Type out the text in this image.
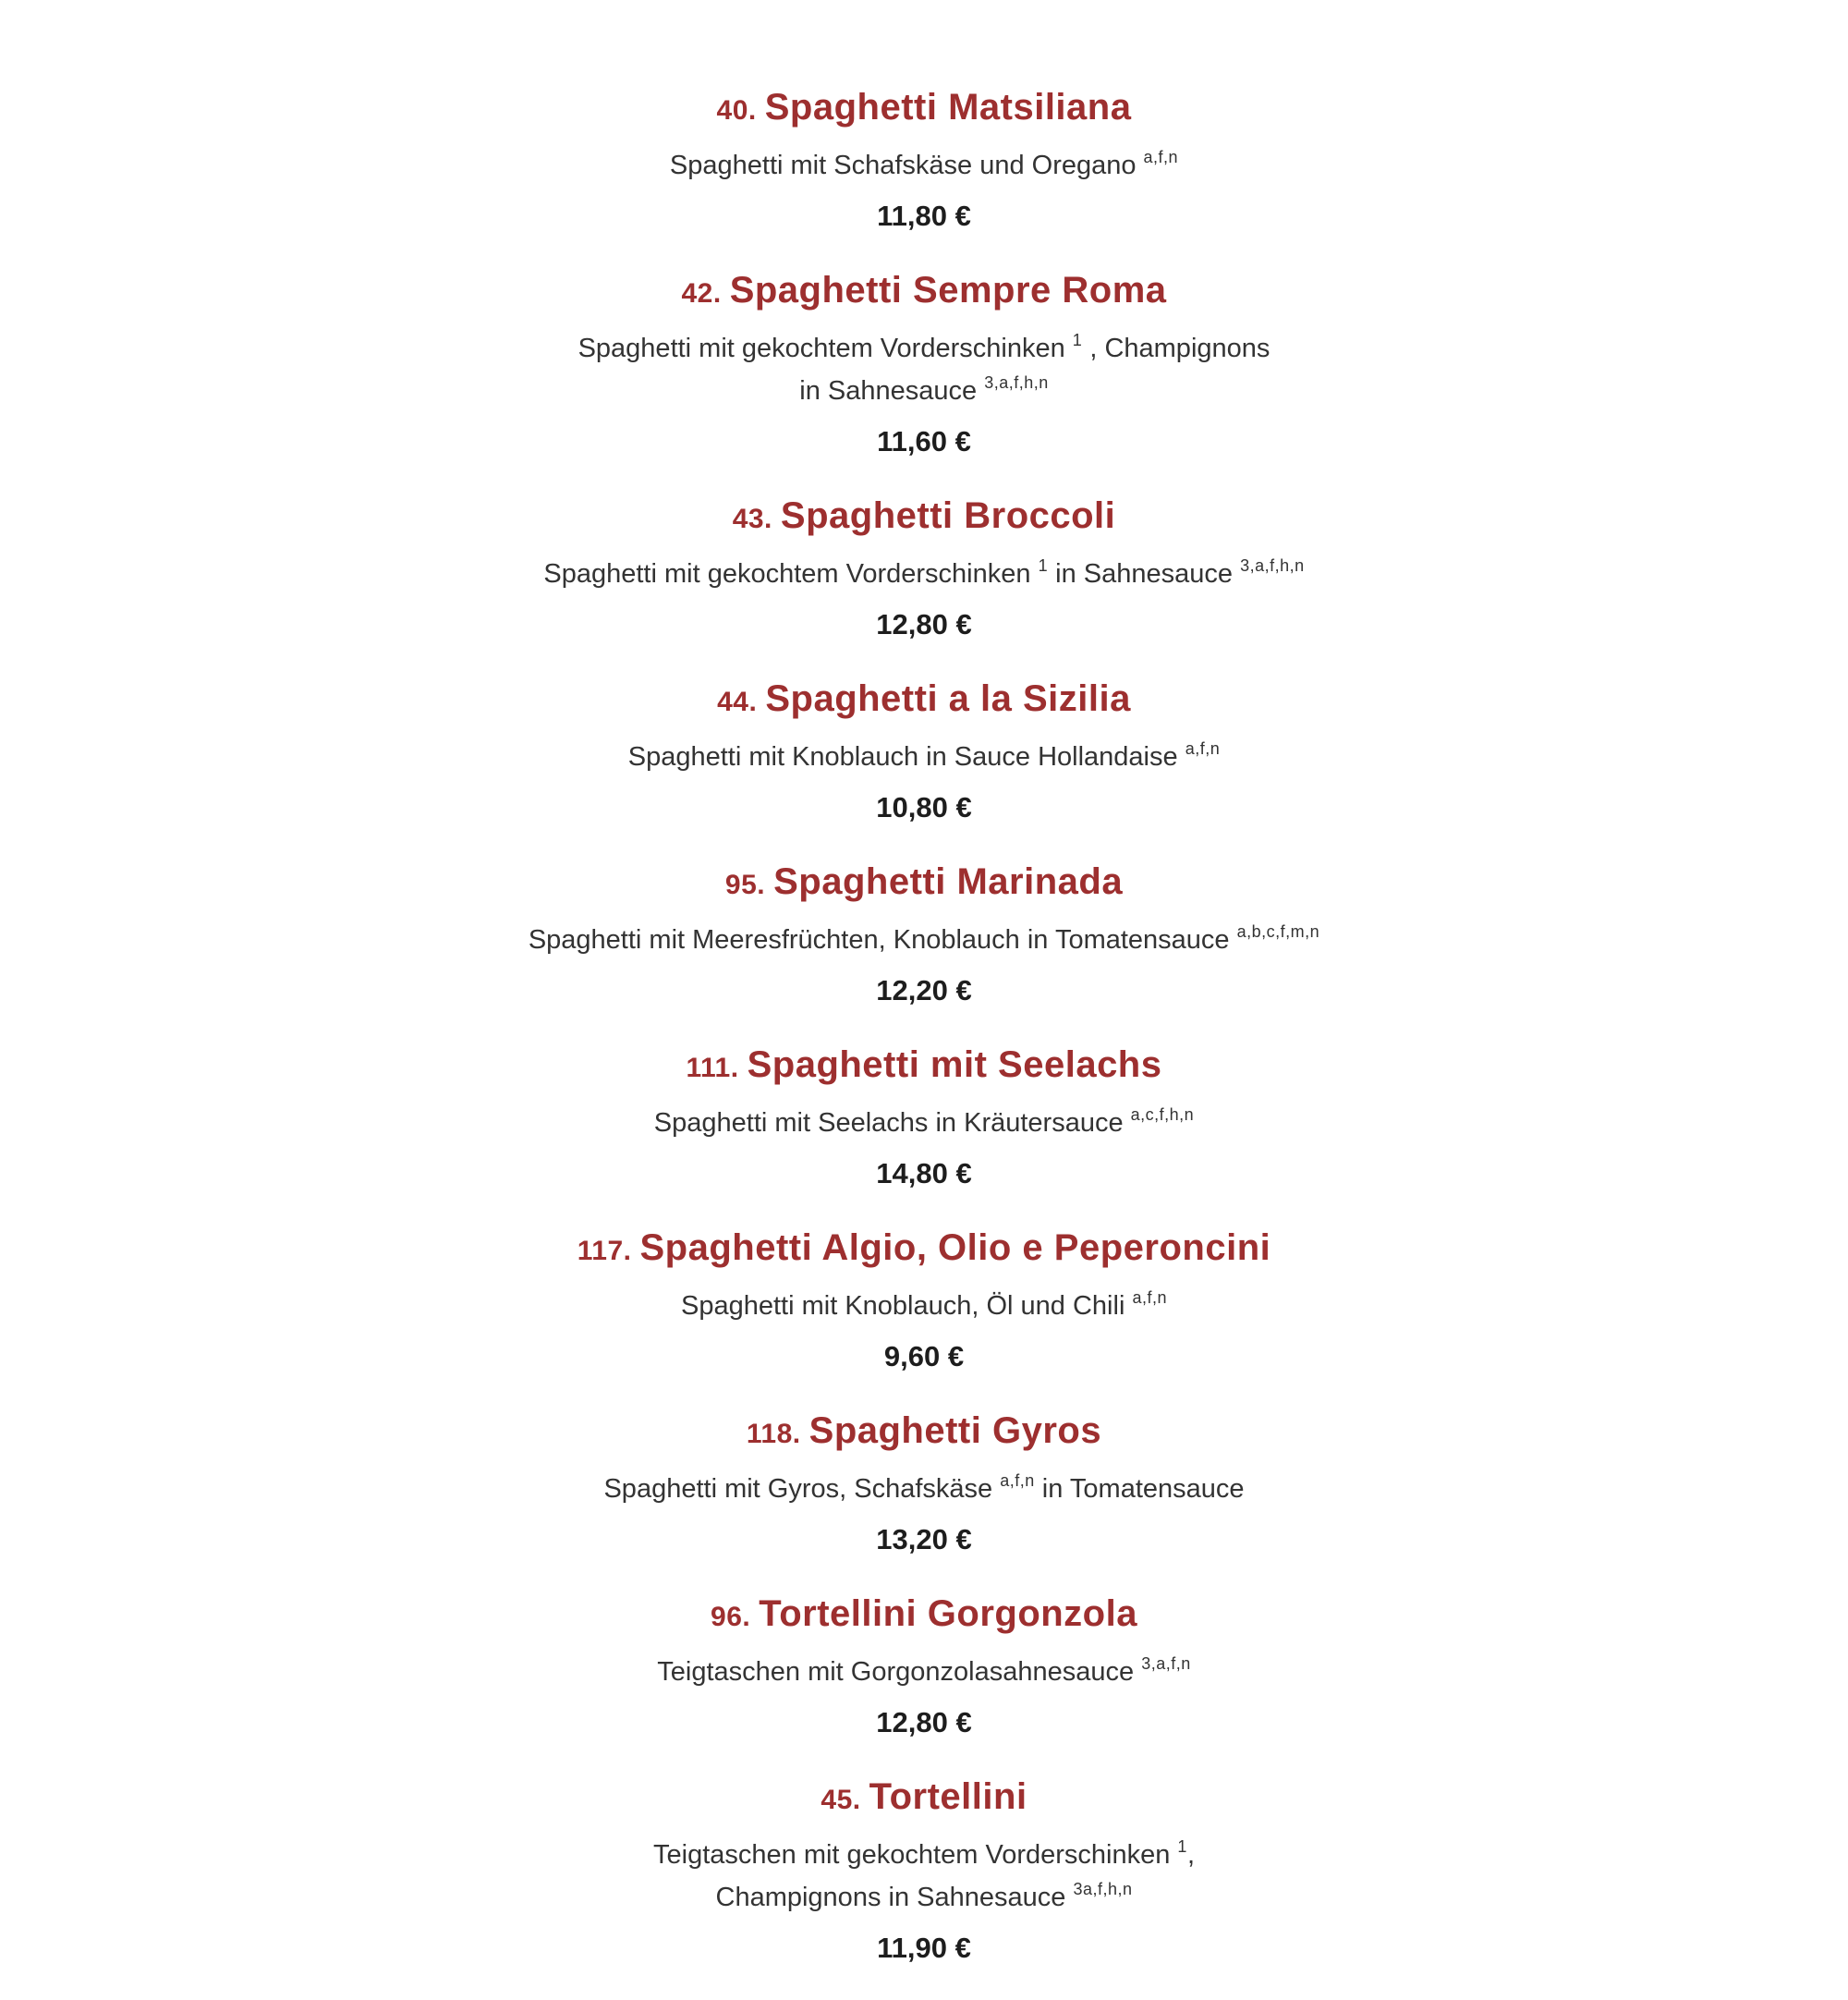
40. Spaghetti Matsiliana

Spaghetti mit Schafskäse und Oregano $^{a,f,n}$

11,80 €

42. Spaghetti Sempre Roma

Spaghetti mit gekochtem Vorderschinken $^1$ , Champignons
in Sahnesauce $^{3,a,f,h,n}$

11,60 €

43. Spaghetti Broccoli

Spaghetti mit gekochtem Vorderschinken $^1$ in Sahnesauce $^{3,a,f,h,n}$

12,80 €

44. Spaghetti a la Sizilia

Spaghetti mit Knoblauch in Sauce Hollandaise $^{a,f,n}$

10,80 €

95. Spaghetti Marinada

Spaghetti mit Meeresfrüchten, Knoblauch in Tomatensauce $^{a,b,c,f,m,n}$

12,20 €

111. Spaghetti mit Seelachs

Spaghetti mit Seelachs in Kräutersauce $^{a,c,f,h,n}$

14,80 €

117. Spaghetti Algio, Olio e Peperoncini

Spaghetti mit Knoblauch, Öl und Chili $^{a,f,n}$

9,60 €

118. Spaghetti Gyros

Spaghetti mit Gyros, Schafskäse $^{a,f,n}$ in Tomatensauce

13,20 €

96. Tortellini Gorgonzola

Teigtaschen mit Gorgonzolasahnesauce $^{3,a,f,n}$

12,80 €

45. Tortellini

Teigtaschen mit gekochtem Vorderschinken $^1$,
Champignons in Sahnesauce $^{3a,f,h,n}$

11,90 €
